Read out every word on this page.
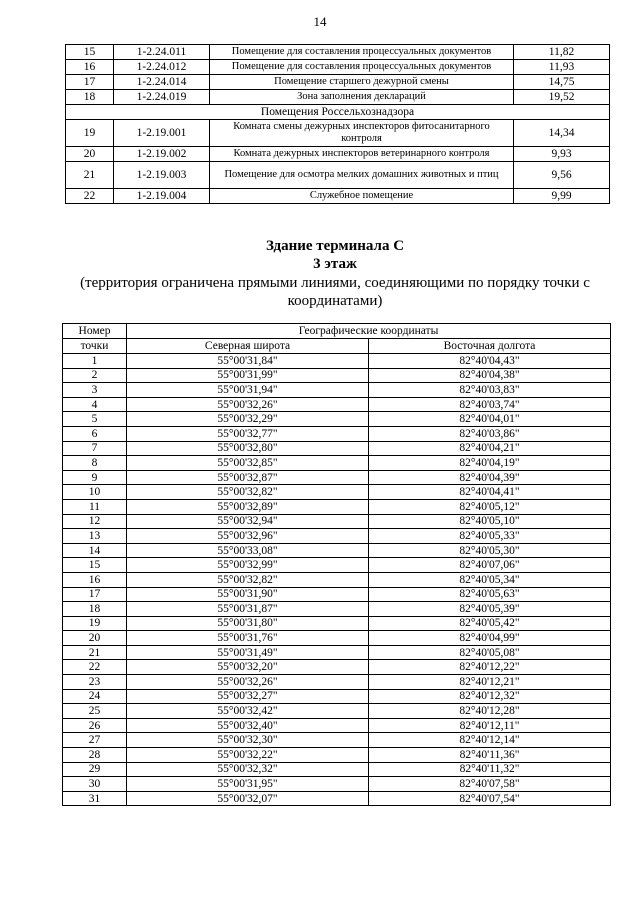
14
15	1-2.24.011	Помещение для составления процессуальных документов	11,82
16	1-2.24.012	Помещение для составления процессуальных документов	11,93
17	1-2.24.014	Помещение старшего дежурной смены	14,75
18	1-2.24.019	Зона заполнения деклараций	19,52
Помещения Россельхознадзора			
19	1-2.19.001	Комната смены дежурных инспекторов фитосанитарного контроля	14,34
20	1-2.19.002	Комната дежурных инспекторов ветеринарного контроля	9,93
21	1-2.19.003	Помещение для осмотра мелких домашних животных и птиц	9,56
22	1-2.19.004	Служебное помещение	9,99
Здание терминала С
3 этаж
(территория ограничена прямыми линиями, соединяющими по порядку точки с координатами)
Номер	Географические координаты	
точки	Северная широта	Восточная долгота
1	55°00'31,84"	82°40'04,43"
2	55°00'31,99"	82°40'04,38"
3	55°00'31,94"	82°40'03,83"
4	55°00'32,26"	82°40'03,74"
5	55°00'32,29"	82°40'04,01"
6	55°00'32,77"	82°40'03,86"
7	55°00'32,80"	82°40'04,21"
8	55°00'32,85"	82°40'04,19"
9	55°00'32,87"	82°40'04,39"
10	55°00'32,82"	82°40'04,41"
11	55°00'32,89"	82°40'05,12"
12	55°00'32,94"	82°40'05,10"
13	55°00'32,96"	82°40'05,33"
14	55°00'33,08"	82°40'05,30"
15	55°00'32,99"	82°40'07,06"
16	55°00'32,82"	82°40'05,34"
17	55°00'31,90"	82°40'05,63"
18	55°00'31,87"	82°40'05,39"
19	55°00'31,80"	82°40'05,42"
20	55°00'31,76"	82°40'04,99"
21	55°00'31,49"	82°40'05,08"
22	55°00'32,20"	82°40'12,22"
23	55°00'32,26"	82°40'12,21"
24	55°00'32,27"	82°40'12,32"
25	55°00'32,42"	82°40'12,28"
26	55°00'32,40"	82°40'12,11"
27	55°00'32,30"	82°40'12,14"
28	55°00'32,22"	82°40'11,36"
29	55°00'32,32"	82°40'11,32"
30	55°00'31,95"	82°40'07,58"
31	55°00'32,07"	82°40'07,54"
